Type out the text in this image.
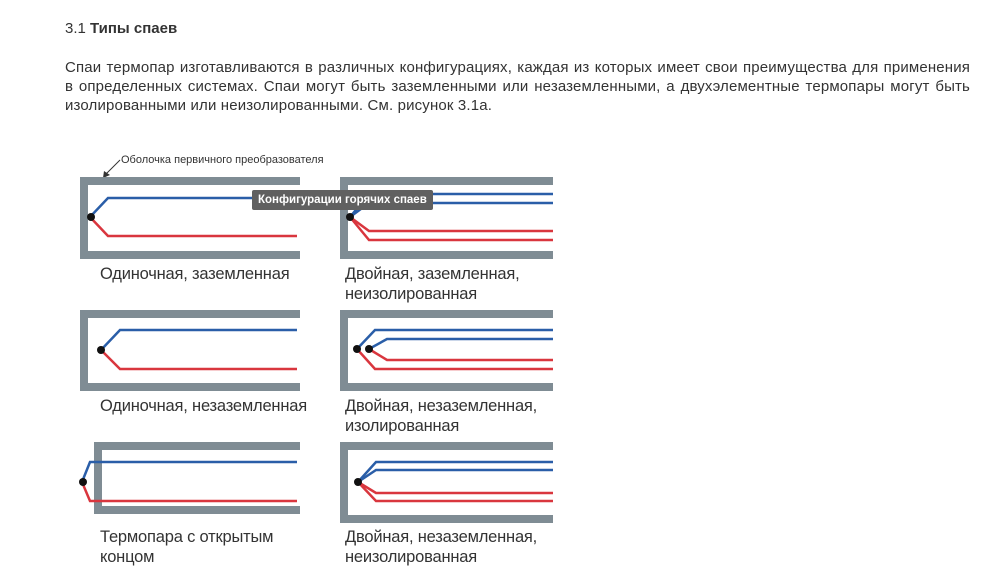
3.1 Типы спаев
Спаи термопар изготавливаются в различных конфигурациях, каждая из которых имеет свои преимущества для применения в определенных системах. Спаи могут быть заземленными или незаземленными, а двухэлементные термопары могут быть изолированными или неизолированными. См. рисунок 3.1а.
Оболочка первичного преобразователя
Одиночная, заземленная	Двойная, заземленная,
неизолированная
Одиночная, незаземленная Двойная, незаземленная,
изолированная
Термопара с открытым
концом
Двойная, незаземленная,
неизолированная
Конфигурации горячих спаев
